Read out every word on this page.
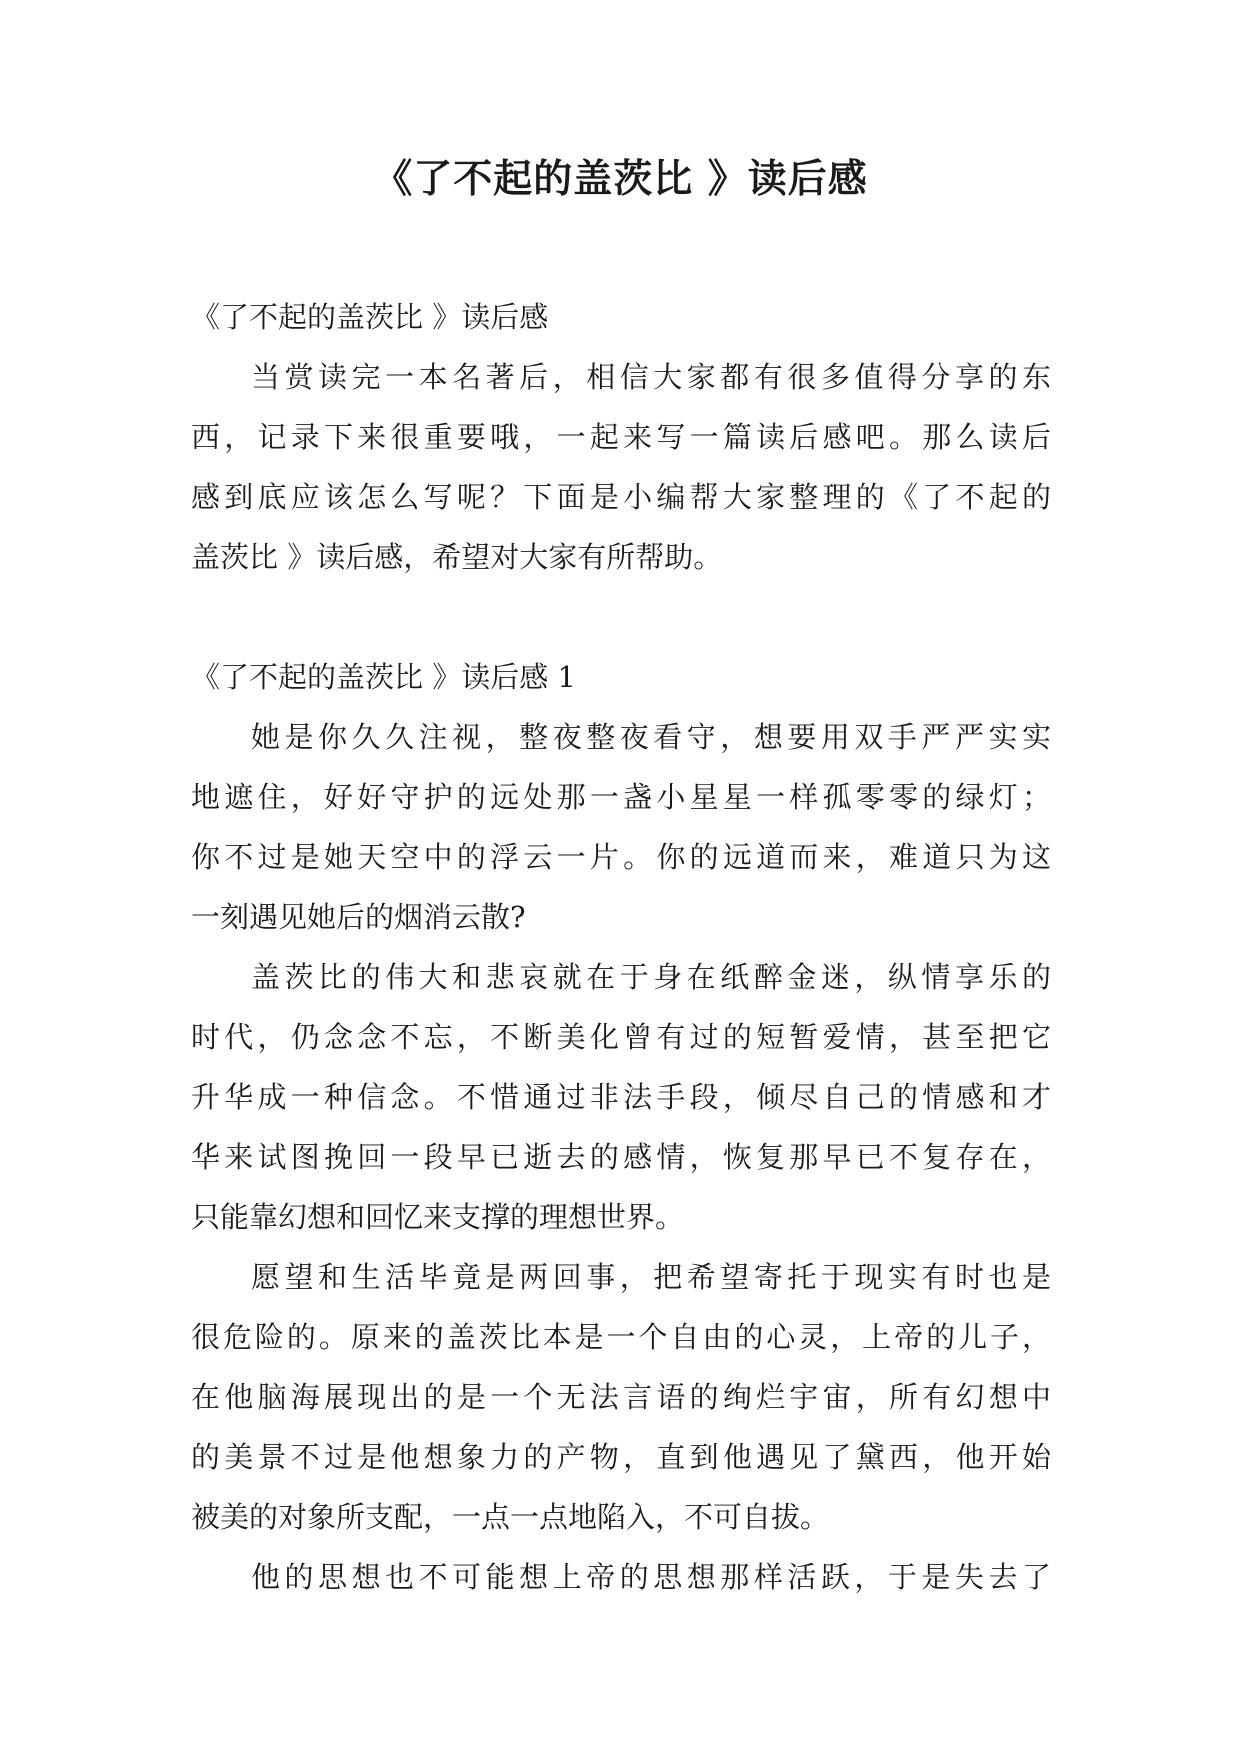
《了不起的盖茨比 》读后感
《了不起的盖茨比 》读后感

当赏读完一本名著后，相信大家都有很多值得分享的东
西，记录下来很重要哦，一起来写一篇读后感吧。那么读后
感到底应该怎么写呢？下面是小编帮大家整理的《了不起的
盖茨比 》读后感，希望对大家有所帮助。

《了不起的盖茨比 》读后感 1

她是你久久注视，整夜整夜看守，想要用双手严严实实
地遮住，好好守护的远处那一盏小星星一样孤零零的绿灯；
你不过是她天空中的浮云一片。你的远道而来，难道只为这
一刻遇见她后的烟消云散?

盖茨比的伟大和悲哀就在于身在纸醉金迷，纵情享乐的
时代，仍念念不忘，不断美化曾有过的短暂爱情，甚至把它
升华成一种信念。不惜通过非法手段，倾尽自己的情感和才
华来试图挽回一段早已逝去的感情，恢复那早已不复存在，
只能靠幻想和回忆来支撑的理想世界。

愿望和生活毕竟是两回事，把希望寄托于现实有时也是
很危险的。原来的盖茨比本是一个自由的心灵，上帝的儿子，
在他脑海展现出的是一个无法言语的绚烂宇宙，所有幻想中
的美景不过是他想象力的产物，直到他遇见了黛西，他开始
被美的对象所支配，一点一点地陷入，不可自拔。

他的思想也不可能想上帝的思想那样活跃，于是失去了
